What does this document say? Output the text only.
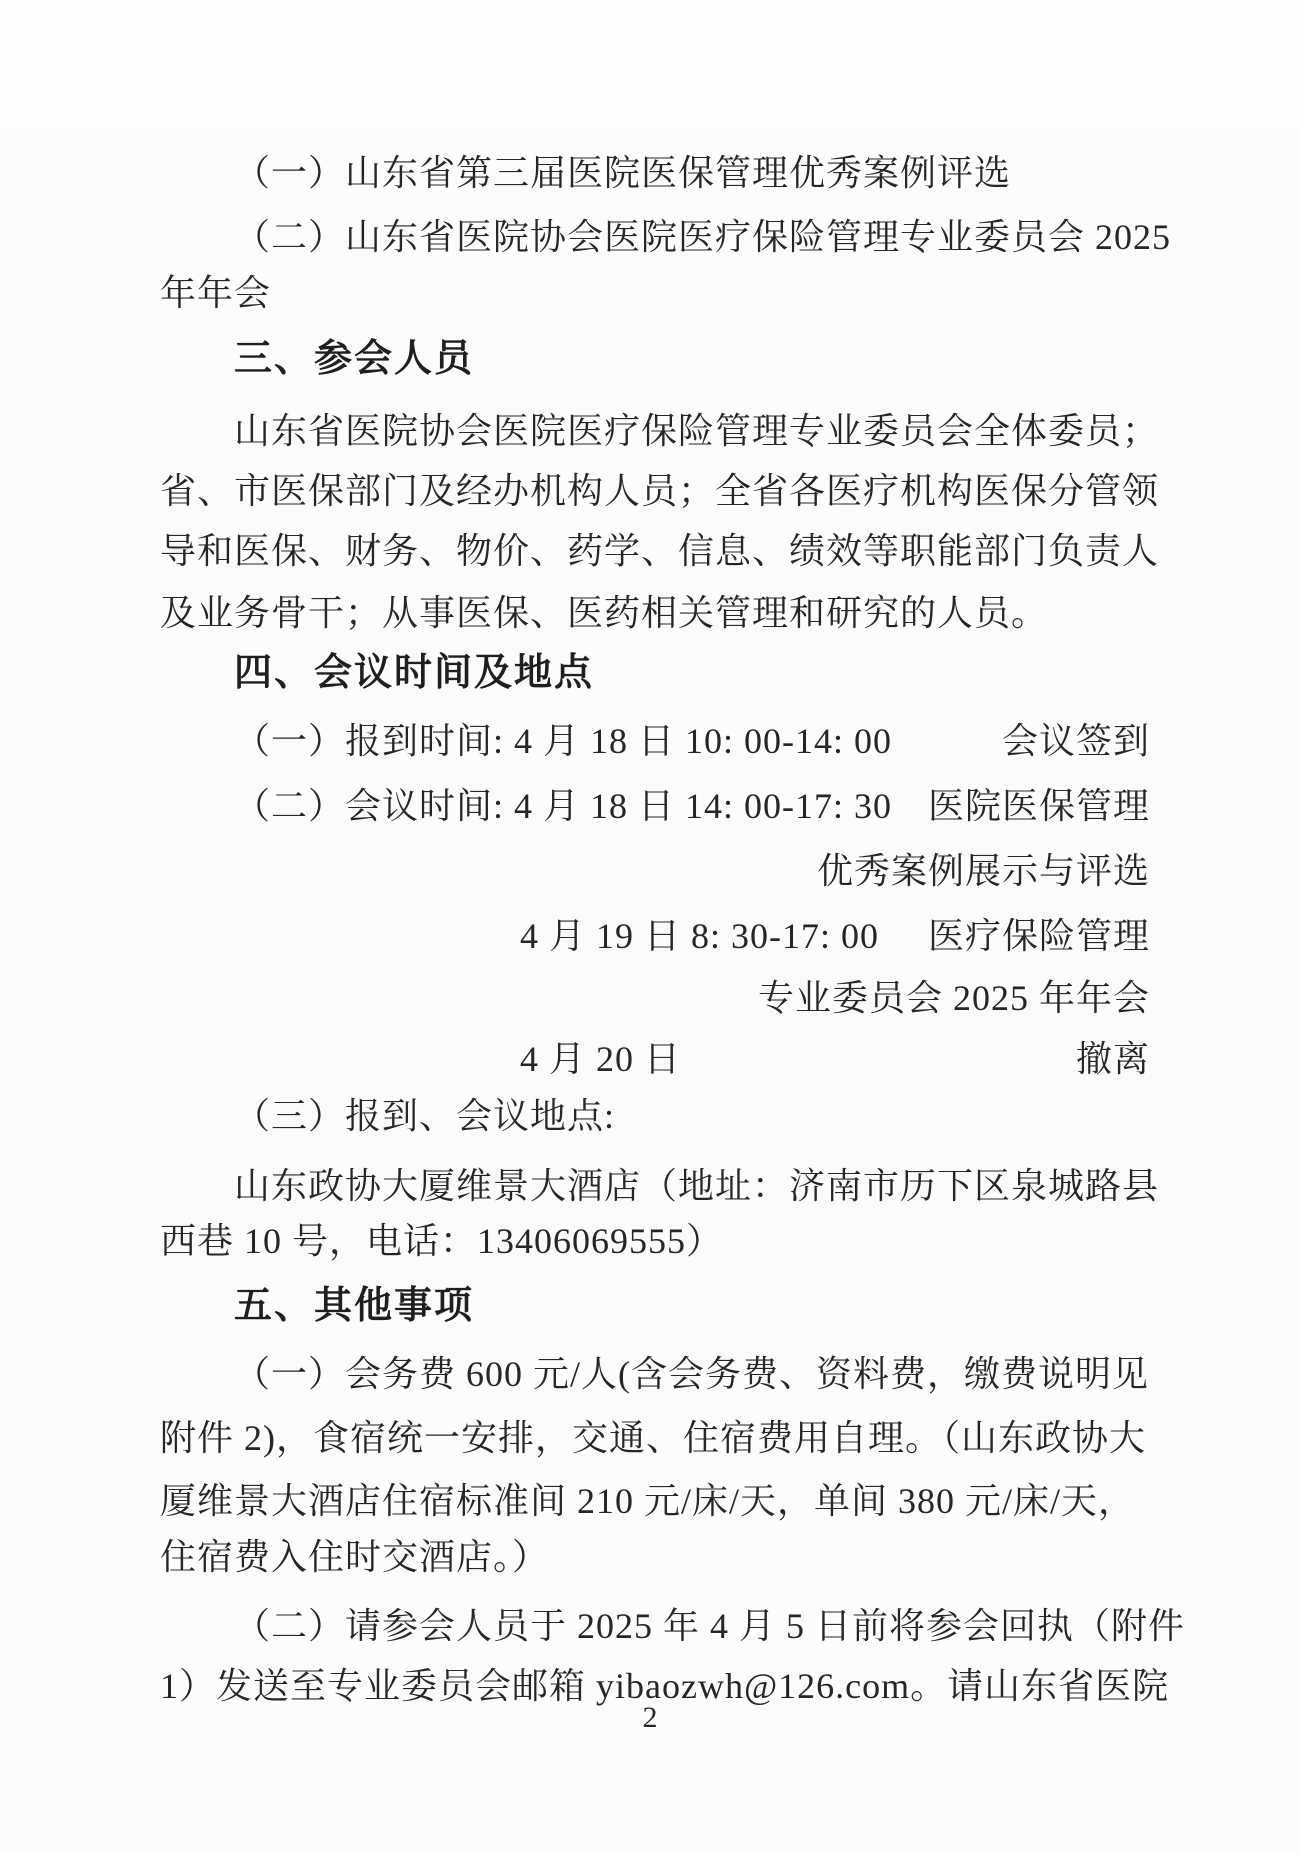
（一）山东省第三届医院医保管理优秀案例评选
（二）山东省医院协会医院医疗保险管理专业委员会 2025
年年会
三、参会人员
山东省医院协会医院医疗保险管理专业委员会全体委员；
省、市医保部门及经办机构人员；全省各医疗机构医保分管领
导和医保、财务、物价、药学、信息、绩效等职能部门负责人
及业务骨干；从事医保、医药相关管理和研究的人员。
四、会议时间及地点
（一）报到时间: 4 月 18 日 10: 00-14: 00	会议签到
（二）会议时间: 4 月 18 日 14: 00-17: 30 医院医保管理
优秀案例展示与评选
4 月 19 日 8: 30-17: 00 医疗保险管理
专业委员会 2025 年年会
4 月 20 日	撤离
（三）报到、会议地点:
山东政协大厦维景大酒店（地址：济南市历下区泉城路县
西巷 10 号，电话：13406069555）
五、其他事项
（一）会务费 600 元/人(含会务费、资料费，缴费说明见
附件 2)，食宿统一安排，交通、住宿费用自理。（山东政协大
厦维景大酒店住宿标准间 210 元/床/天，单间 380 元/床/天，
住宿费入住时交酒店。）
（二）请参会人员于 2025 年 4 月 5 日前将参会回执（附件
1）发送至专业委员会邮箱 yibaozwh@126.com。请山东省医院
2
